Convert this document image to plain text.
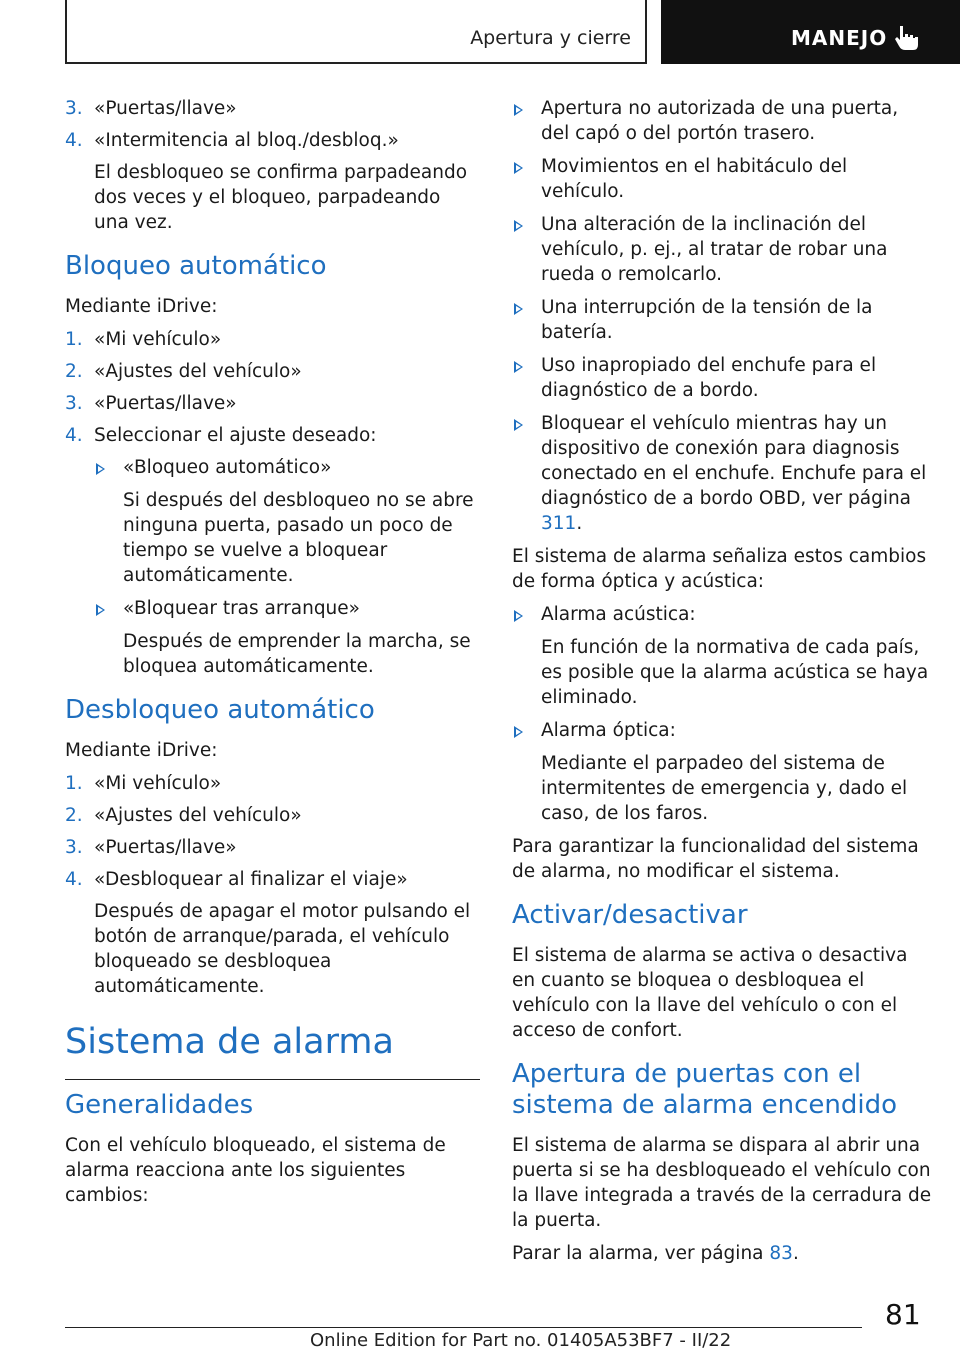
Apertura y cierre	MANEJO
3. «Puertas/llave»
4. «Intermitencia al bloq./desbloq.»
El desbloqueo se confirma parpadeando dos veces y el bloqueo, parpadeando una vez.
Bloqueo automático
Mediante iDrive:
1. «Mi vehículo»
2. «Ajustes del vehículo»
3. «Puertas/llave»
4. Seleccionar el ajuste deseado:
«Bloqueo automático»
Si después del desbloqueo no se abre ninguna puerta, pasado un poco de tiempo se vuelve a bloquear automáticamente.
«Bloquear tras arranque»
Después de emprender la marcha, se bloquea automáticamente.
Desbloqueo automático
Mediante iDrive:
1. «Mi vehículo»
2. «Ajustes del vehículo»
3. «Puertas/llave»
4. «Desbloquear al finalizar el viaje»
Después de apagar el motor pulsando el botón de arranque/parada, el vehículo bloqueado se desbloquea automáticamente.
Sistema de alarma
Generalidades
Con el vehículo bloqueado, el sistema de alarma reacciona ante los siguientes cambios:
Apertura no autorizada de una puerta, del capó o del portón trasero.
Movimientos en el habitáculo del vehículo.
Una alteración de la inclinación del vehículo, p. ej., al tratar de robar una rueda o remolcarlo.
Una interrupción de la tensión de la batería.
Uso inapropiado del enchufe para el diagnóstico de a bordo.
Bloquear el vehículo mientras hay un dispositivo de conexión para diagnosis conectado en el enchufe. Enchufe para el diagnóstico de a bordo OBD, ver página 311.
El sistema de alarma señaliza estos cambios de forma óptica y acústica:
Alarma acústica:
En función de la normativa de cada país, es posible que la alarma acústica se haya eliminado.
Alarma óptica:
Mediante el parpadeo del sistema de intermitentes de emergencia y, dado el caso, de los faros.
Para garantizar la funcionalidad del sistema de alarma, no modificar el sistema.
Activar/desactivar
El sistema de alarma se activa o desactiva en cuanto se bloquea o desbloquea el vehículo con la llave del vehículo o con el acceso de confort.
Apertura de puertas con el sistema de alarma encendido
El sistema de alarma se dispara al abrir una puerta si se ha desbloqueado el vehículo con la llave integrada a través de la cerradura de la puerta.
Parar la alarma, ver página 83.
81
Online Edition for Part no. 01405A53BF7 - II/22
